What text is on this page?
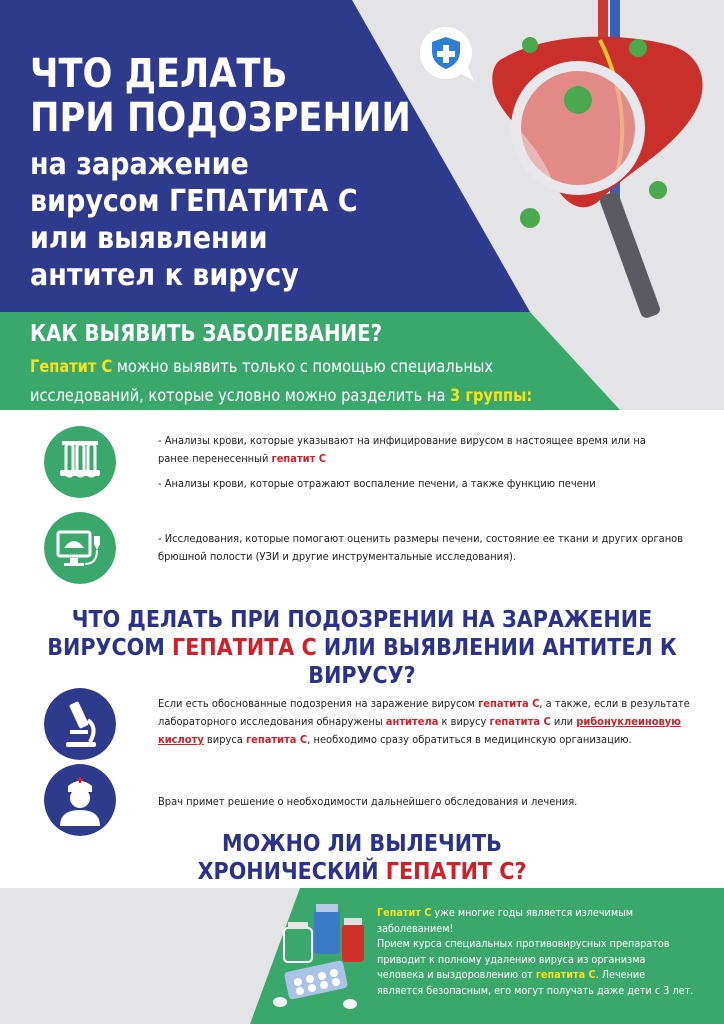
ЧТО ДЕЛАТЬ
ПРИ ПОДОЗРЕНИИ
на заражение
вирусом ГЕПАТИТА С
или выявлении
антител к вирусу
КАК ВЫЯВИТЬ ЗАБОЛЕВАНИЕ?
Гепатит С можно выявить только с помощью специальных
исследований, которые условно можно разделить на 3 группы:
- Анализы крови, которые указывают на инфицирование вирусом в настоящее время или на
ранее перенесенный гепатит С
- Анализы крови, которые отражают воспаление печени, а также функцию печени
- Исследования, которые помогают оценить размеры печени, состояние ее ткани и других органов
брюшной полости (УЗИ и другие инструментальные исследования).
ЧТО ДЕЛАТЬ ПРИ ПОДОЗРЕНИИ НА ЗАРАЖЕНИЕ
ВИРУСОМ ГЕПАТИТА С ИЛИ ВЫЯВЛЕНИИ АНТИТЕЛ К
ВИРУСУ?
Если есть обоснованные подозрения на заражение вирусом гепатита С, а также, если в результате
лабораторного исследования обнаружены антитела к вирусу гепатита С или рибонуклеиновую
кислоту вируса гепатита С, необходимо сразу обратиться в медицинскую организацию.
Врач примет решение о необходимости дальнейшего обследования и лечения.
МОЖНО ЛИ ВЫЛЕЧИТЬ
ХРОНИЧЕСКИЙ ГЕПАТИТ С?
Гепатит С уже многие годы является излечимым
заболеванием!
Прием курса специальных противовирусных препаратов
приводит к полному удалению вируса из организма
человека и выздоровлению от гепатита С. Лечение
является безопасным, его могут получать даже дети с 3 лет.
